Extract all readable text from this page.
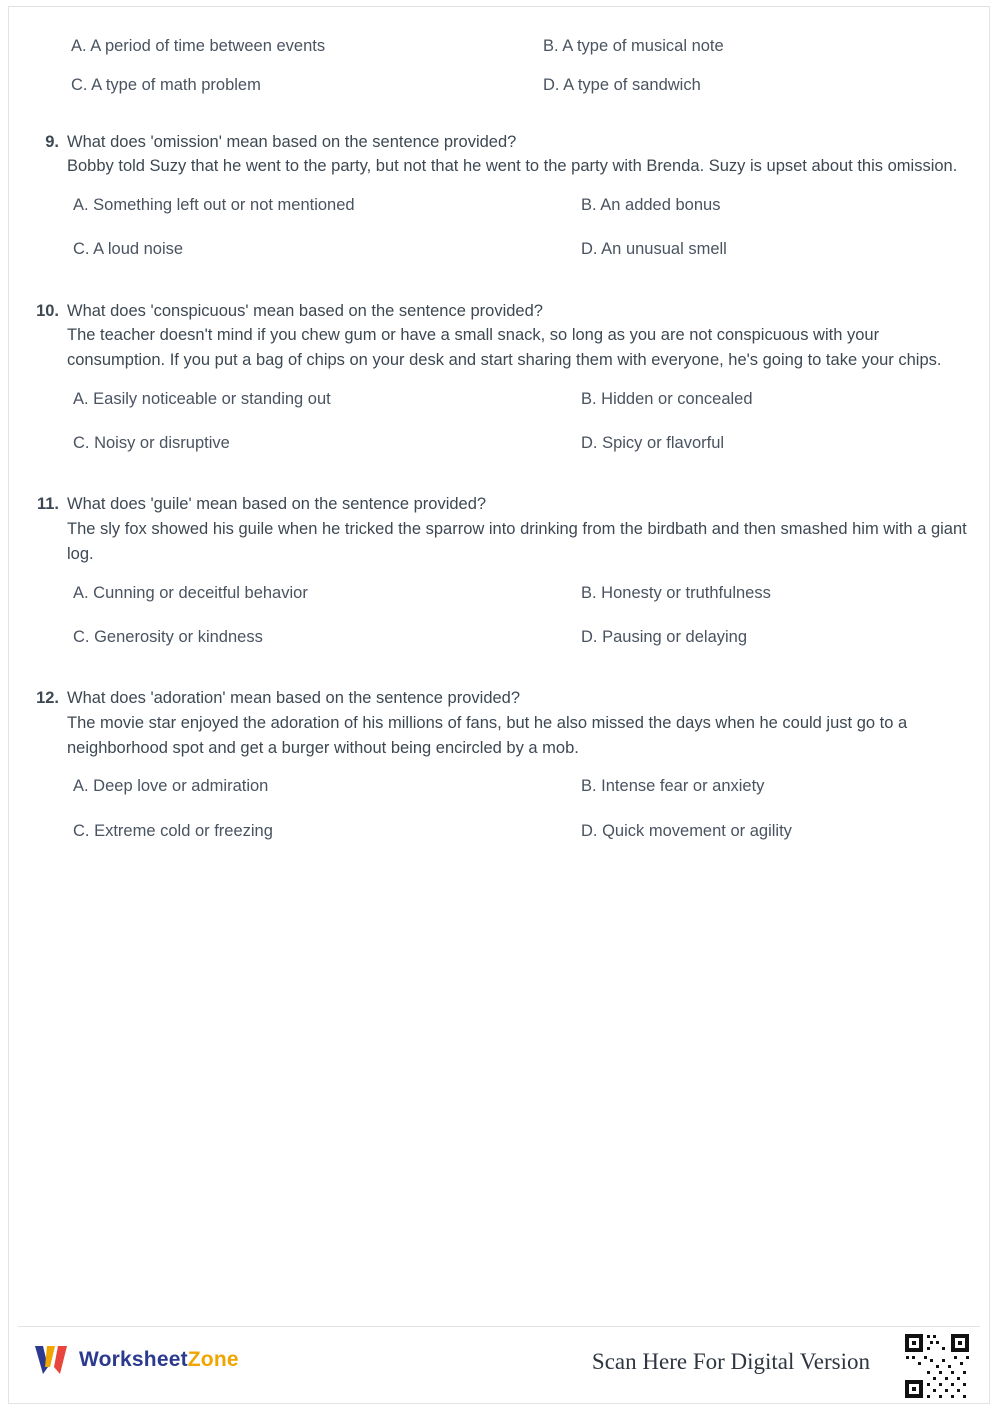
A. A period of time between events
C. A type of math problem
B. A type of musical note
D. A type of sandwich
9. What does 'omission' mean based on the sentence provided?
Bobby told Suzy that he went to the party, but not that he went to the party with Brenda. Suzy is upset about this omission.
A. Something left out or not mentioned
C. A loud noise
B. An added bonus
D. An unusual smell
10. What does 'conspicuous' mean based on the sentence provided?
The teacher doesn't mind if you chew gum or have a small snack, so long as you are not conspicuous with your consumption. If you put a bag of chips on your desk and start sharing them with everyone, he's going to take your chips.
A. Easily noticeable or standing out
C. Noisy or disruptive
B. Hidden or concealed
D. Spicy or flavorful
11. What does 'guile' mean based on the sentence provided?
The sly fox showed his guile when he tricked the sparrow into drinking from the birdbath and then smashed him with a giant log.
A. Cunning or deceitful behavior
C. Generosity or kindness
B. Honesty or truthfulness
D. Pausing or delaying
12. What does 'adoration' mean based on the sentence provided?
The movie star enjoyed the adoration of his millions of fans, but he also missed the days when he could just go to a neighborhood spot and get a burger without being encircled by a mob.
A. Deep love or admiration
C. Extreme cold or freezing
B. Intense fear or anxiety
D. Quick movement or agility
WorksheetZone	Scan Here For Digital Version
